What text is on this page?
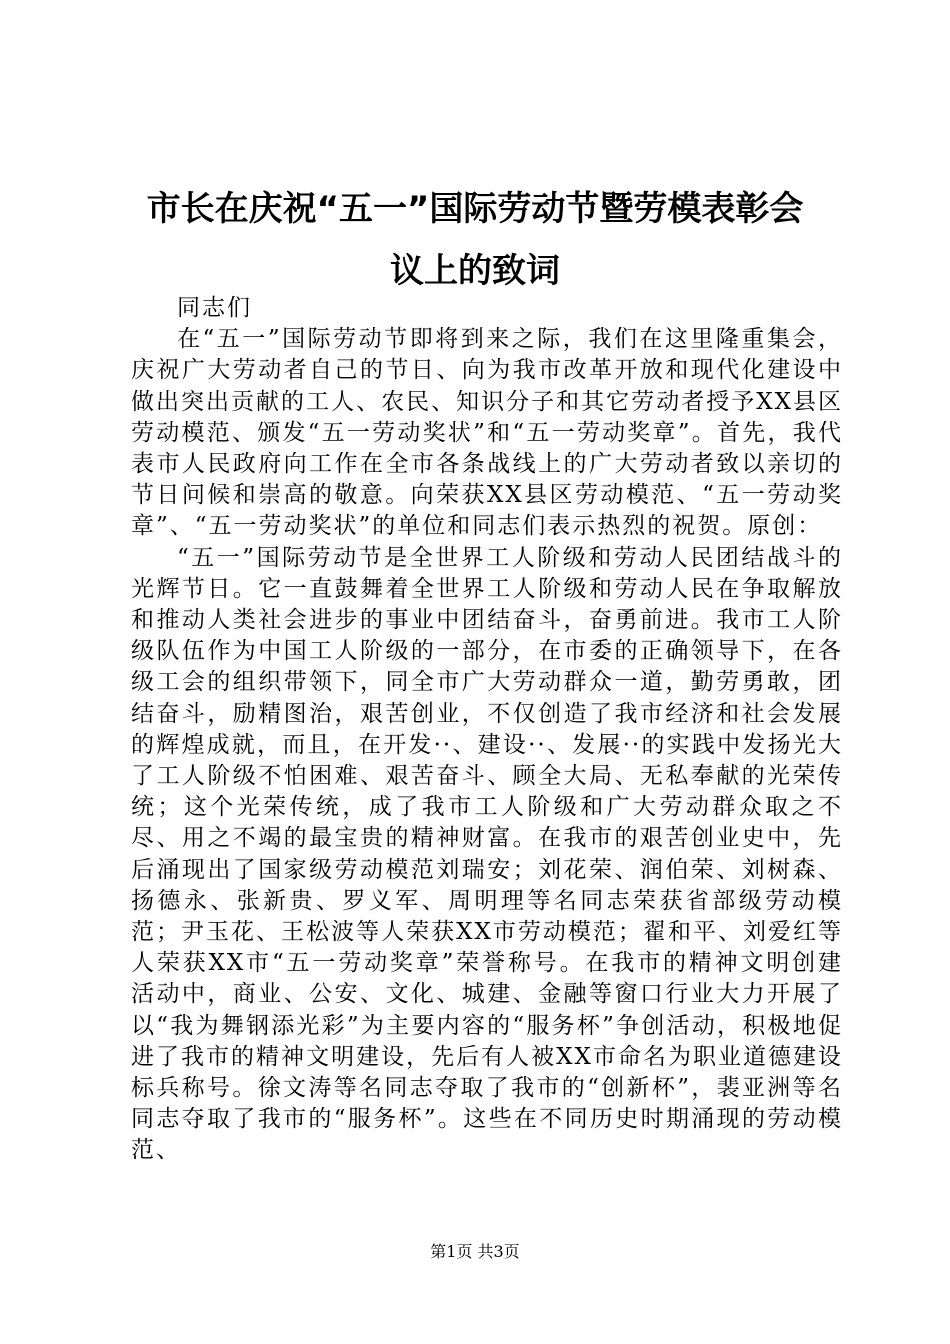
市长在庆祝“五一”国际劳动节暨劳模表彰会
议上的致词

同志们

在“五一”国际劳动节即将到来之际，我们在这里隆重集会，庆祝广大劳动者自己的节日、向为我市改革开放和现代化建设中做出突出贡献的工人、农民、知识分子和其它劳动者授予XX县区劳动模范、颁发“五一劳动奖状”和“五一劳动奖章”。首先，我代表市人民政府向工作在全市各条战线上的广大劳动者致以亲切的节日问候和崇高的敬意。向荣获XX县区劳动模范、“五一劳动奖章”、“五一劳动奖状”的单位和同志们表示热烈的祝贺。原创：

“五一”国际劳动节是全世界工人阶级和劳动人民团结战斗的光辉节日。它一直鼓舞着全世界工人阶级和劳动人民在争取解放和推动人类社会进步的事业中团结奋斗，奋勇前进。我市工人阶级队伍作为中国工人阶级的一部分，在市委的正确领导下，在各级工会的组织带领下，同全市广大劳动群众一道，勤劳勇敢，团结奋斗，励精图治，艰苦创业，不仅创造了我市经济和社会发展的辉煌成就，而且，在开发··、建设··、发展··的实践中发扬光大了工人阶级不怕困难、艰苦奋斗、顾全大局、无私奉献的光荣传统；这个光荣传统，成了我市工人阶级和广大劳动群众取之不尽、用之不竭的最宝贵的精神财富。在我市的艰苦创业史中，先后涌现出了国家级劳动模范刘瑞安；刘花荣、润伯荣、刘树森、扬德永、张新贵、罗义军、周明理等名同志荣获省部级劳动模范；尹玉花、王松波等人荣获XX市劳动模范；翟和平、刘爱红等人荣获XX市“五一劳动奖章”荣誉称号。在我市的精神文明创建活动中，商业、公安、文化、城建、金融等窗口行业大力开展了以“我为舞钢添光彩”为主要内容的“服务杯”争创活动，积极地促进了我市的精神文明建设，先后有人被XX市命名为职业道德建设标兵称号。徐文涛等名同志夺取了我市的“创新杯”，裴亚洲等名同志夺取了我市的“服务杯”。这些在不同历史时期涌现的劳动模范、

第1页 共3页
